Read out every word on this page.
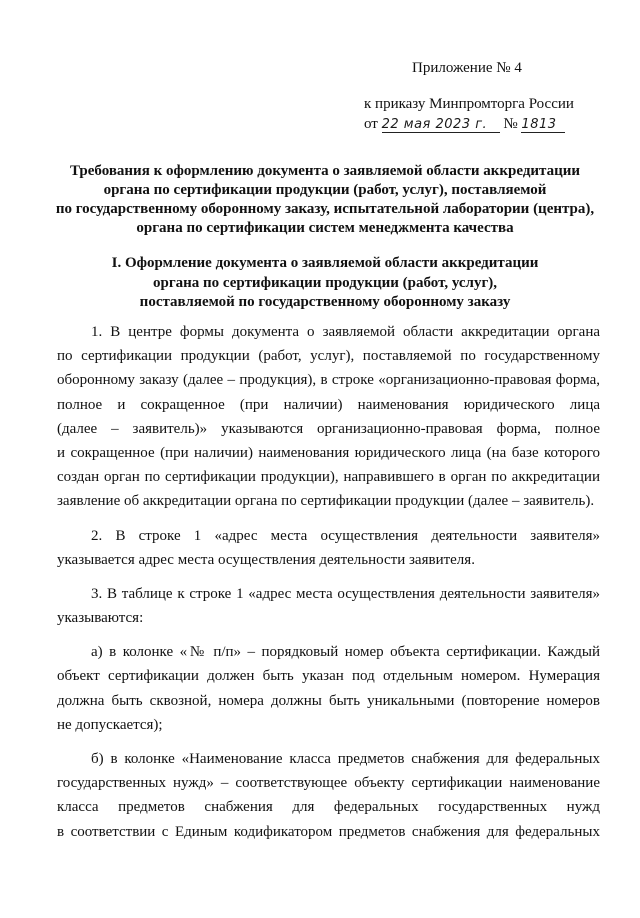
Приложение № 4
к приказу Минпромторга России
от 22 мая 2023 г. № 1813
Требования к оформлению документа о заявляемой области аккредитации
органа по сертификации продукции (работ, услуг), поставляемой
по государственному оборонному заказу, испытательной лаборатории (центра),
органа по сертификации систем менеджмента качества
I. Оформление документа о заявляемой области аккредитации
органа по сертификации продукции (работ, услуг),
поставляемой по государственному оборонному заказу
1. В центре формы документа о заявляемой области аккредитации органа
по сертификации продукции (работ, услуг), поставляемой по государственному
оборонному заказу (далее – продукция), в строке «организационно-правовая форма,
полное и сокращенное (при наличии) наименования юридического лица
(далее – заявитель)» указываются организационно-правовая форма, полное
и сокращенное (при наличии) наименования юридического лица (на базе которого
создан орган по сертификации продукции), направившего в орган по аккредитации
заявление об аккредитации органа по сертификации продукции (далее – заявитель).
2. В строке 1 «адрес места осуществления деятельности заявителя»
указывается адрес места осуществления деятельности заявителя.
3. В таблице к строке 1 «адрес места осуществления деятельности заявителя»
указываются:
а) в колонке «№ п/п» – порядковый номер объекта сертификации. Каждый
объект сертификации должен быть указан под отдельным номером. Нумерация
должна быть сквозной, номера должны быть уникальными (повторение номеров
не допускается);
б) в колонке «Наименование класса предметов снабжения для федеральных
государственных нужд» – соответствующее объекту сертификации наименование
класса предметов снабжения для федеральных государственных нужд
в соответствии с Единым кодификатором предметов снабжения для федеральных
